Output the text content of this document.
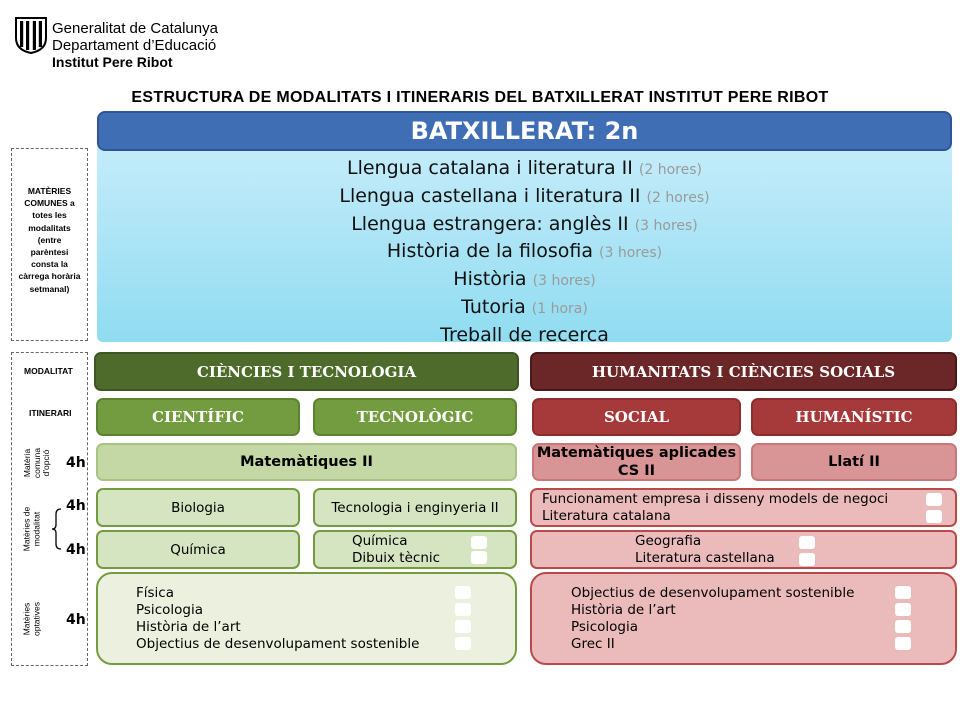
Generalitat de Catalunya
Departament d’Educació
Institut Pere Ribot
ESTRUCTURA DE MODALITATS I ITINERARIS DEL BATXILLERAT INSTITUT PERE RIBOT
Llengua catalana i literatura II (2 hores)
Llengua castellana i literatura II (2 hores)
Llengua estrangera: anglès II (3 hores)
Història de la filosofia (3 hores)
Història (3 hores)
Tutoria (1 hora)
Treball de recerca
BATXILLERAT: 2n
MATÈRIES COMUNES a totes les modalitats (entre parèntesi consta la càrrega horària setmanal)
MODALITAT
ITINERARI
Matèria comuna d'opció
Matèries de modalitat
Matèries optatives
4h
4h
4h
4h
CIÈNCIES I TECNOLOGIA
CIENTÍFIC	TECNOLÒGIC
Matemàtiques II
Biologia
Química
Tecnologia i enginyeria II
Química
Dibuix tècnic
Física
Psicologia
Història de l’art
Objectius de desenvolupament sostenible
HUMANITATS I CIÈNCIES SOCIALS
SOCIAL	HUMANÍSTIC
Matemàtiques aplicades CS II
Llatí II
Funcionament empresa i disseny models de negoci
Literatura catalana
Geografia
Literatura castellana
Objectius de desenvolupament sostenible
Història de l’art
Psicologia
Grec II
